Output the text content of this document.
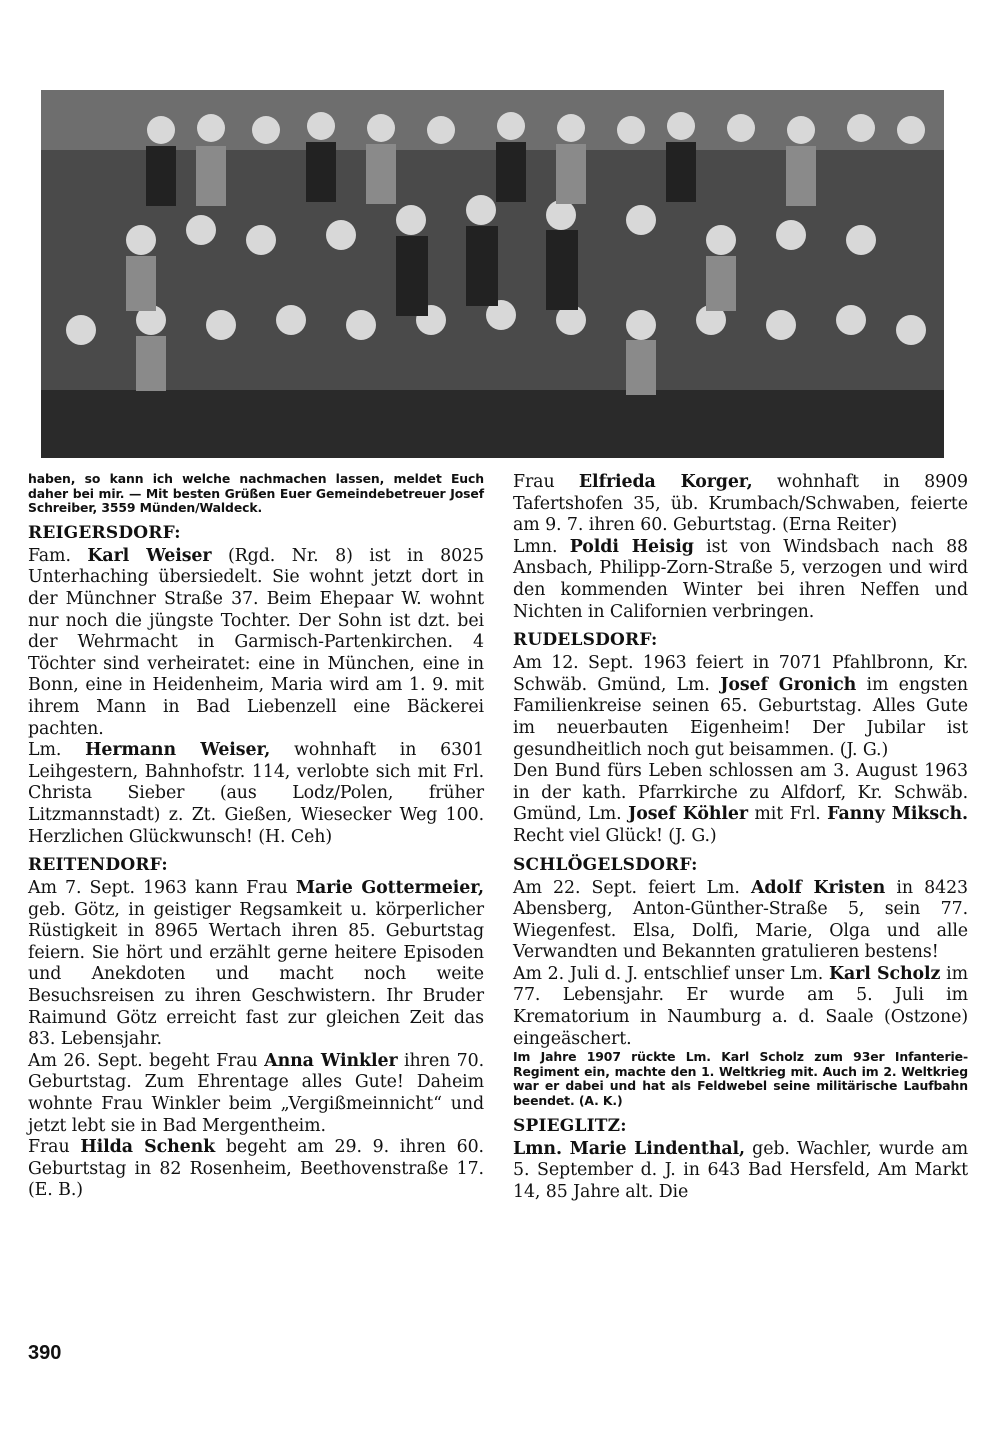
haben, so kann ich welche nachmachen lassen, meldet Euch daher bei mir. — Mit besten Grüßen Euer Gemeindebetreuer Josef Schreiber, 3559 Münden/Waldeck.

REIGERSDORF:

Fam. Karl Weiser (Rgd. Nr. 8) ist in 8025 Unterhaching übersiedelt. Sie wohnt jetzt dort in der Münchner Straße 37. Beim Ehepaar W. wohnt nur noch die jüngste Tochter. Der Sohn ist dzt. bei der Wehrmacht in Garmisch-Partenkirchen. 4 Töchter sind verheiratet: eine in München, eine in Bonn, eine in Heidenheim, Maria wird am 1. 9. mit ihrem Mann in Bad Liebenzell eine Bäckerei pachten.

Lm. Hermann Weiser, wohnhaft in 6301 Leihgestern, Bahnhofstr. 114, verlobte sich mit Frl. Christa Sieber (aus Lodz/Polen, früher Litzmannstadt) z. Zt. Gießen, Wiesecker Weg 100. Herzlichen Glückwunsch! (H. Ceh)

REITENDORF:

Am 7. Sept. 1963 kann Frau Marie Gottermeier, geb. Götz, in geistiger Regsamkeit u. körperlicher Rüstigkeit in 8965 Wertach ihren 85. Geburtstag feiern. Sie hört und erzählt gerne heitere Episoden und Anekdoten und macht noch weite Besuchsreisen zu ihren Geschwistern. Ihr Bruder Raimund Götz erreicht fast zur gleichen Zeit das 83. Lebensjahr.

Am 26. Sept. begeht Frau Anna Winkler ihren 70. Geburtstag. Zum Ehrentage alles Gute! Daheim wohnte Frau Winkler beim „Vergißmeinnicht“ und jetzt lebt sie in Bad Mergentheim.

Frau Hilda Schenk begeht am 29. 9. ihren 60. Geburtstag in 82 Rosenheim, Beethovenstraße 17. (E. B.)

Frau Elfrieda Korger, wohnhaft in 8909 Tafertshofen 35, üb. Krumbach/Schwaben, feierte am 9. 7. ihren 60. Geburtstag. (Erna Reiter)

Lmn. Poldi Heisig ist von Windsbach nach 88 Ansbach, Philipp-Zorn-Straße 5, verzogen und wird den kommenden Winter bei ihren Neffen und Nichten in Californien verbringen.

RUDELSDORF:

Am 12. Sept. 1963 feiert in 7071 Pfahlbronn, Kr. Schwäb. Gmünd, Lm. Josef Gronich im engsten Familienkreise seinen 65. Geburtstag. Alles Gute im neuerbauten Eigenheim! Der Jubilar ist gesundheitlich noch gut beisammen. (J. G.)

Den Bund fürs Leben schlossen am 3. August 1963 in der kath. Pfarrkirche zu Alfdorf, Kr. Schwäb. Gmünd, Lm. Josef Köhler mit Frl. Fanny Miksch. Recht viel Glück! (J. G.)

SCHLÖGELSDORF:

Am 22. Sept. feiert Lm. Adolf Kristen in 8423 Abensberg, Anton-Günther-Straße 5, sein 77. Wiegenfest. Elsa, Dolfi, Marie, Olga und alle Verwandten und Bekannten gratulieren bestens!

Am 2. Juli d. J. entschlief unser Lm. Karl Scholz im 77. Lebensjahr. Er wurde am 5. Juli im Krematorium in Naumburg a. d. Saale (Ostzone) eingeäschert.

Im Jahre 1907 rückte Lm. Karl Scholz zum 93er Infanterie-Regiment ein, machte den 1. Weltkrieg mit. Auch im 2. Weltkrieg war er dabei und hat als Feldwebel seine militärische Laufbahn beendet. (A. K.)

SPIEGLITZ:

Lmn. Marie Lindenthal, geb. Wachler, wurde am 5. September d. J. in 643 Bad Hersfeld, Am Markt 14, 85 Jahre alt. Die

390
